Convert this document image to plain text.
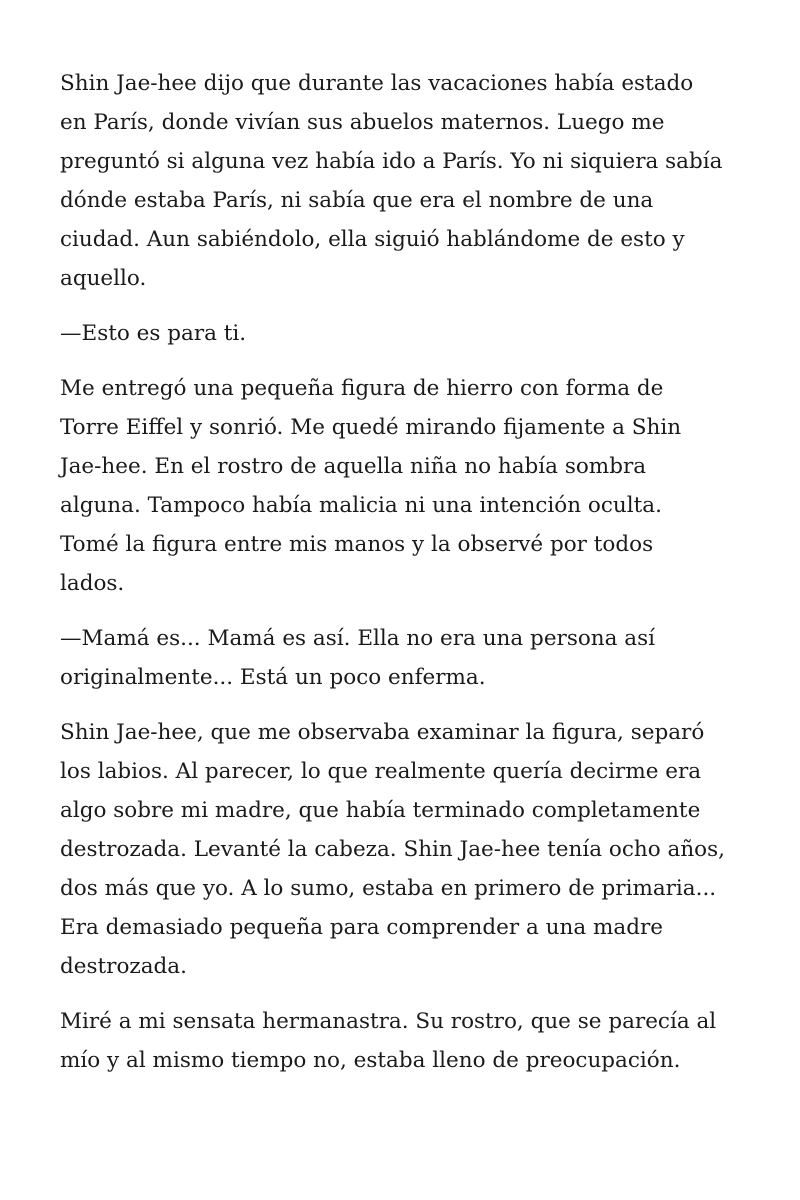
Shin Jae-hee dijo que durante las vacaciones había estado
en París, donde vivían sus abuelos maternos. Luego me
preguntó si alguna vez había ido a París. Yo ni siquiera sabía
dónde estaba París, ni sabía que era el nombre de una
ciudad. Aun sabiéndolo, ella siguió hablándome de esto y
aquello.

—Esto es para ti.

Me entregó una pequeña figura de hierro con forma de
Torre Eiffel y sonrió. Me quedé mirando fijamente a Shin
Jae-hee. En el rostro de aquella niña no había sombra
alguna. Tampoco había malicia ni una intención oculta.
Tomé la figura entre mis manos y la observé por todos
lados.

—Mamá es... Mamá es así. Ella no era una persona así
originalmente... Está un poco enferma.

Shin Jae-hee, que me observaba examinar la figura, separó
los labios. Al parecer, lo que realmente quería decirme era
algo sobre mi madre, que había terminado completamente
destrozada. Levanté la cabeza. Shin Jae-hee tenía ocho años,
dos más que yo. A lo sumo, estaba en primero de primaria...
Era demasiado pequeña para comprender a una madre
destrozada.

Miré a mi sensata hermanastra. Su rostro, que se parecía al
mío y al mismo tiempo no, estaba lleno de preocupación.
